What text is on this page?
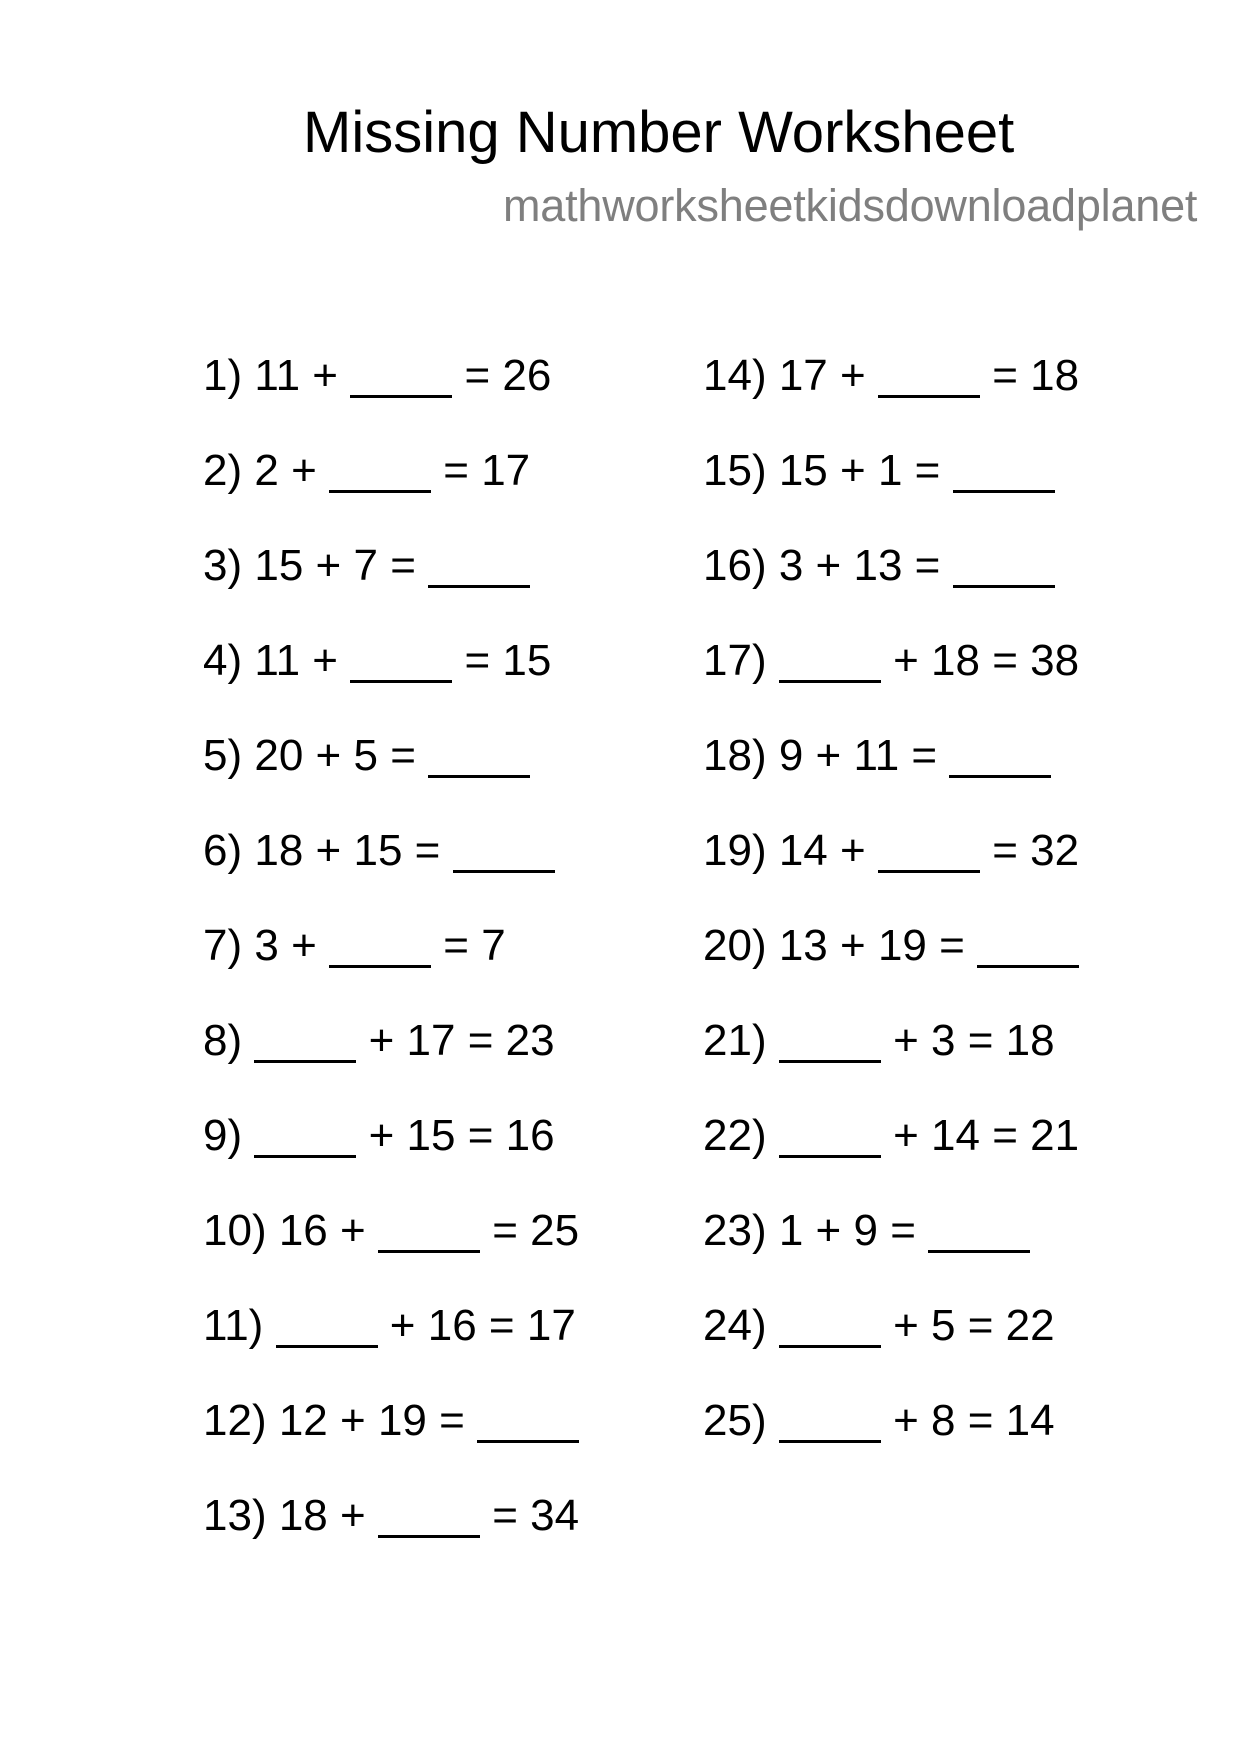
Missing Number Worksheet
mathworksheetkidsdownloadplanet
1) 11 +	= 26
2) 2 +	= 17
3) 15 + 7 =
4) 11 +	= 15
5) 20 + 5 =
6) 18 + 15 =
7) 3 +	= 7
8)	+ 17 = 23
9)	+ 15 = 16
10) 16 +	= 25
11)	+ 16 = 17
12) 12 + 19 =
13) 18 +	= 34
14) 17 +	= 18
15) 15 + 1 =
16) 3 + 13 =
17)	+ 18 = 38
18) 9 + 11 =
19) 14 +	= 32
20) 13 + 19 =
21)	+ 3 = 18
22)	+ 14 = 21
23) 1 + 9 =
24)	+ 5 = 22
25)	+ 8 = 14
